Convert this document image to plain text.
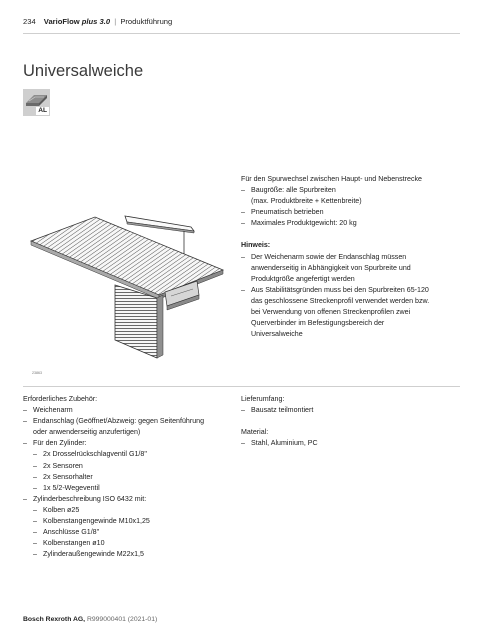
234 VarioFlow plus 3.0 | Produktführung
Universalweiche
AL
23863
Für den Spurwechsel zwischen Haupt- und Nebenstrecke
– Baugröße: alle Spurbreiten
(max. Produktbreite + Kettenbreite)
– Pneumatisch betrieben
– Maximales Produktgewicht: 20 kg
Hinweis:
– Der Weichenarm sowie der Endanschlag müssen
anwenderseitig in Abhängigkeit von Spurbreite und
Produktgröße angefertigt werden
– Aus Stabilitätsgründen muss bei den Spurbreiten 65-120
das geschlossene Streckenprofil verwendet werden bzw.
bei Verwendung von offenen Streckenprofilen zwei
Querverbinder im Befestigungsbereich der
Universalweiche
Erforderliches Zubehör:
– Weichenarm
– Endanschlag (Geöffnet/Abzweig: gegen Seitenführung
oder anwenderseitig anzufertigen)
– Für den Zylinder:
– 2x Drosselrückschlagventil G1/8"
– 2x Sensoren
– 2x Sensorhalter
– 1x 5/2-Wegeventil
– Zylinderbeschreibung ISO 6432 mit:
– Kolben ø25
– Kolbenstangengewinde M10x1,25
– Anschlüsse G1/8"
– Kolbenstangen ø10
– Zylinderaußengewinde M22x1,5
Lieferumfang:
– Bausatz teilmontiert
Material:
– Stahl, Aluminium, PC
Bosch Rexroth AG, R999000401 (2021-01)
